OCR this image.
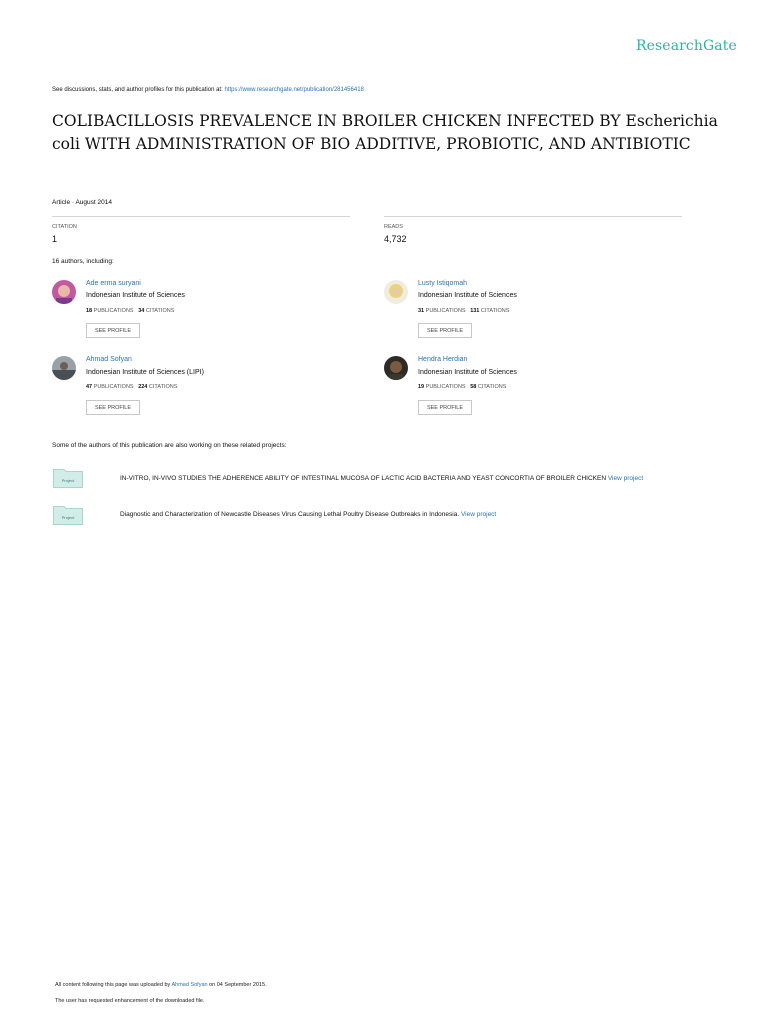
ResearchGate
See discussions, stats, and author profiles for this publication at: https://www.researchgate.net/publication/281456418
COLIBACILLOSIS PREVALENCE IN BROILER CHICKEN INFECTED BY Escherichia coli WITH ADMINISTRATION OF BIO ADDITIVE, PROBIOTIC, AND ANTIBIOTIC
Article · August 2014
CITATION
1
READS
4,732
16 authors, including:
Ade erma suryani
Indonesian Institute of Sciences
18 PUBLICATIONS 34 CITATIONS
SEE PROFILE
Lusty Istiqomah
Indonesian Institute of Sciences
31 PUBLICATIONS 131 CITATIONS
SEE PROFILE
Ahmad Sofyan
Indonesian Institute of Sciences (LIPI)
47 PUBLICATIONS 224 CITATIONS
SEE PROFILE
Hendra Herdian
Indonesian Institute of Sciences
19 PUBLICATIONS 58 CITATIONS
SEE PROFILE
Some of the authors of this publication are also working on these related projects:
Project	IN-VITRO, IN-VIVO STUDIES THE ADHERENCE ABILITY OF INTESTINAL MUCOSA OF LACTIC ACID BACTERIA AND YEAST CONCORTIA OF BROILER CHICKEN View project
Project	Diagnostic and Characterization of Newcastle Diseases Virus Causing Lethal Poultry Disease Outbreaks in Indonesia. View project
All content following this page was uploaded by Ahmad Sofyan on 04 September 2015.
The user has requested enhancement of the downloaded file.
